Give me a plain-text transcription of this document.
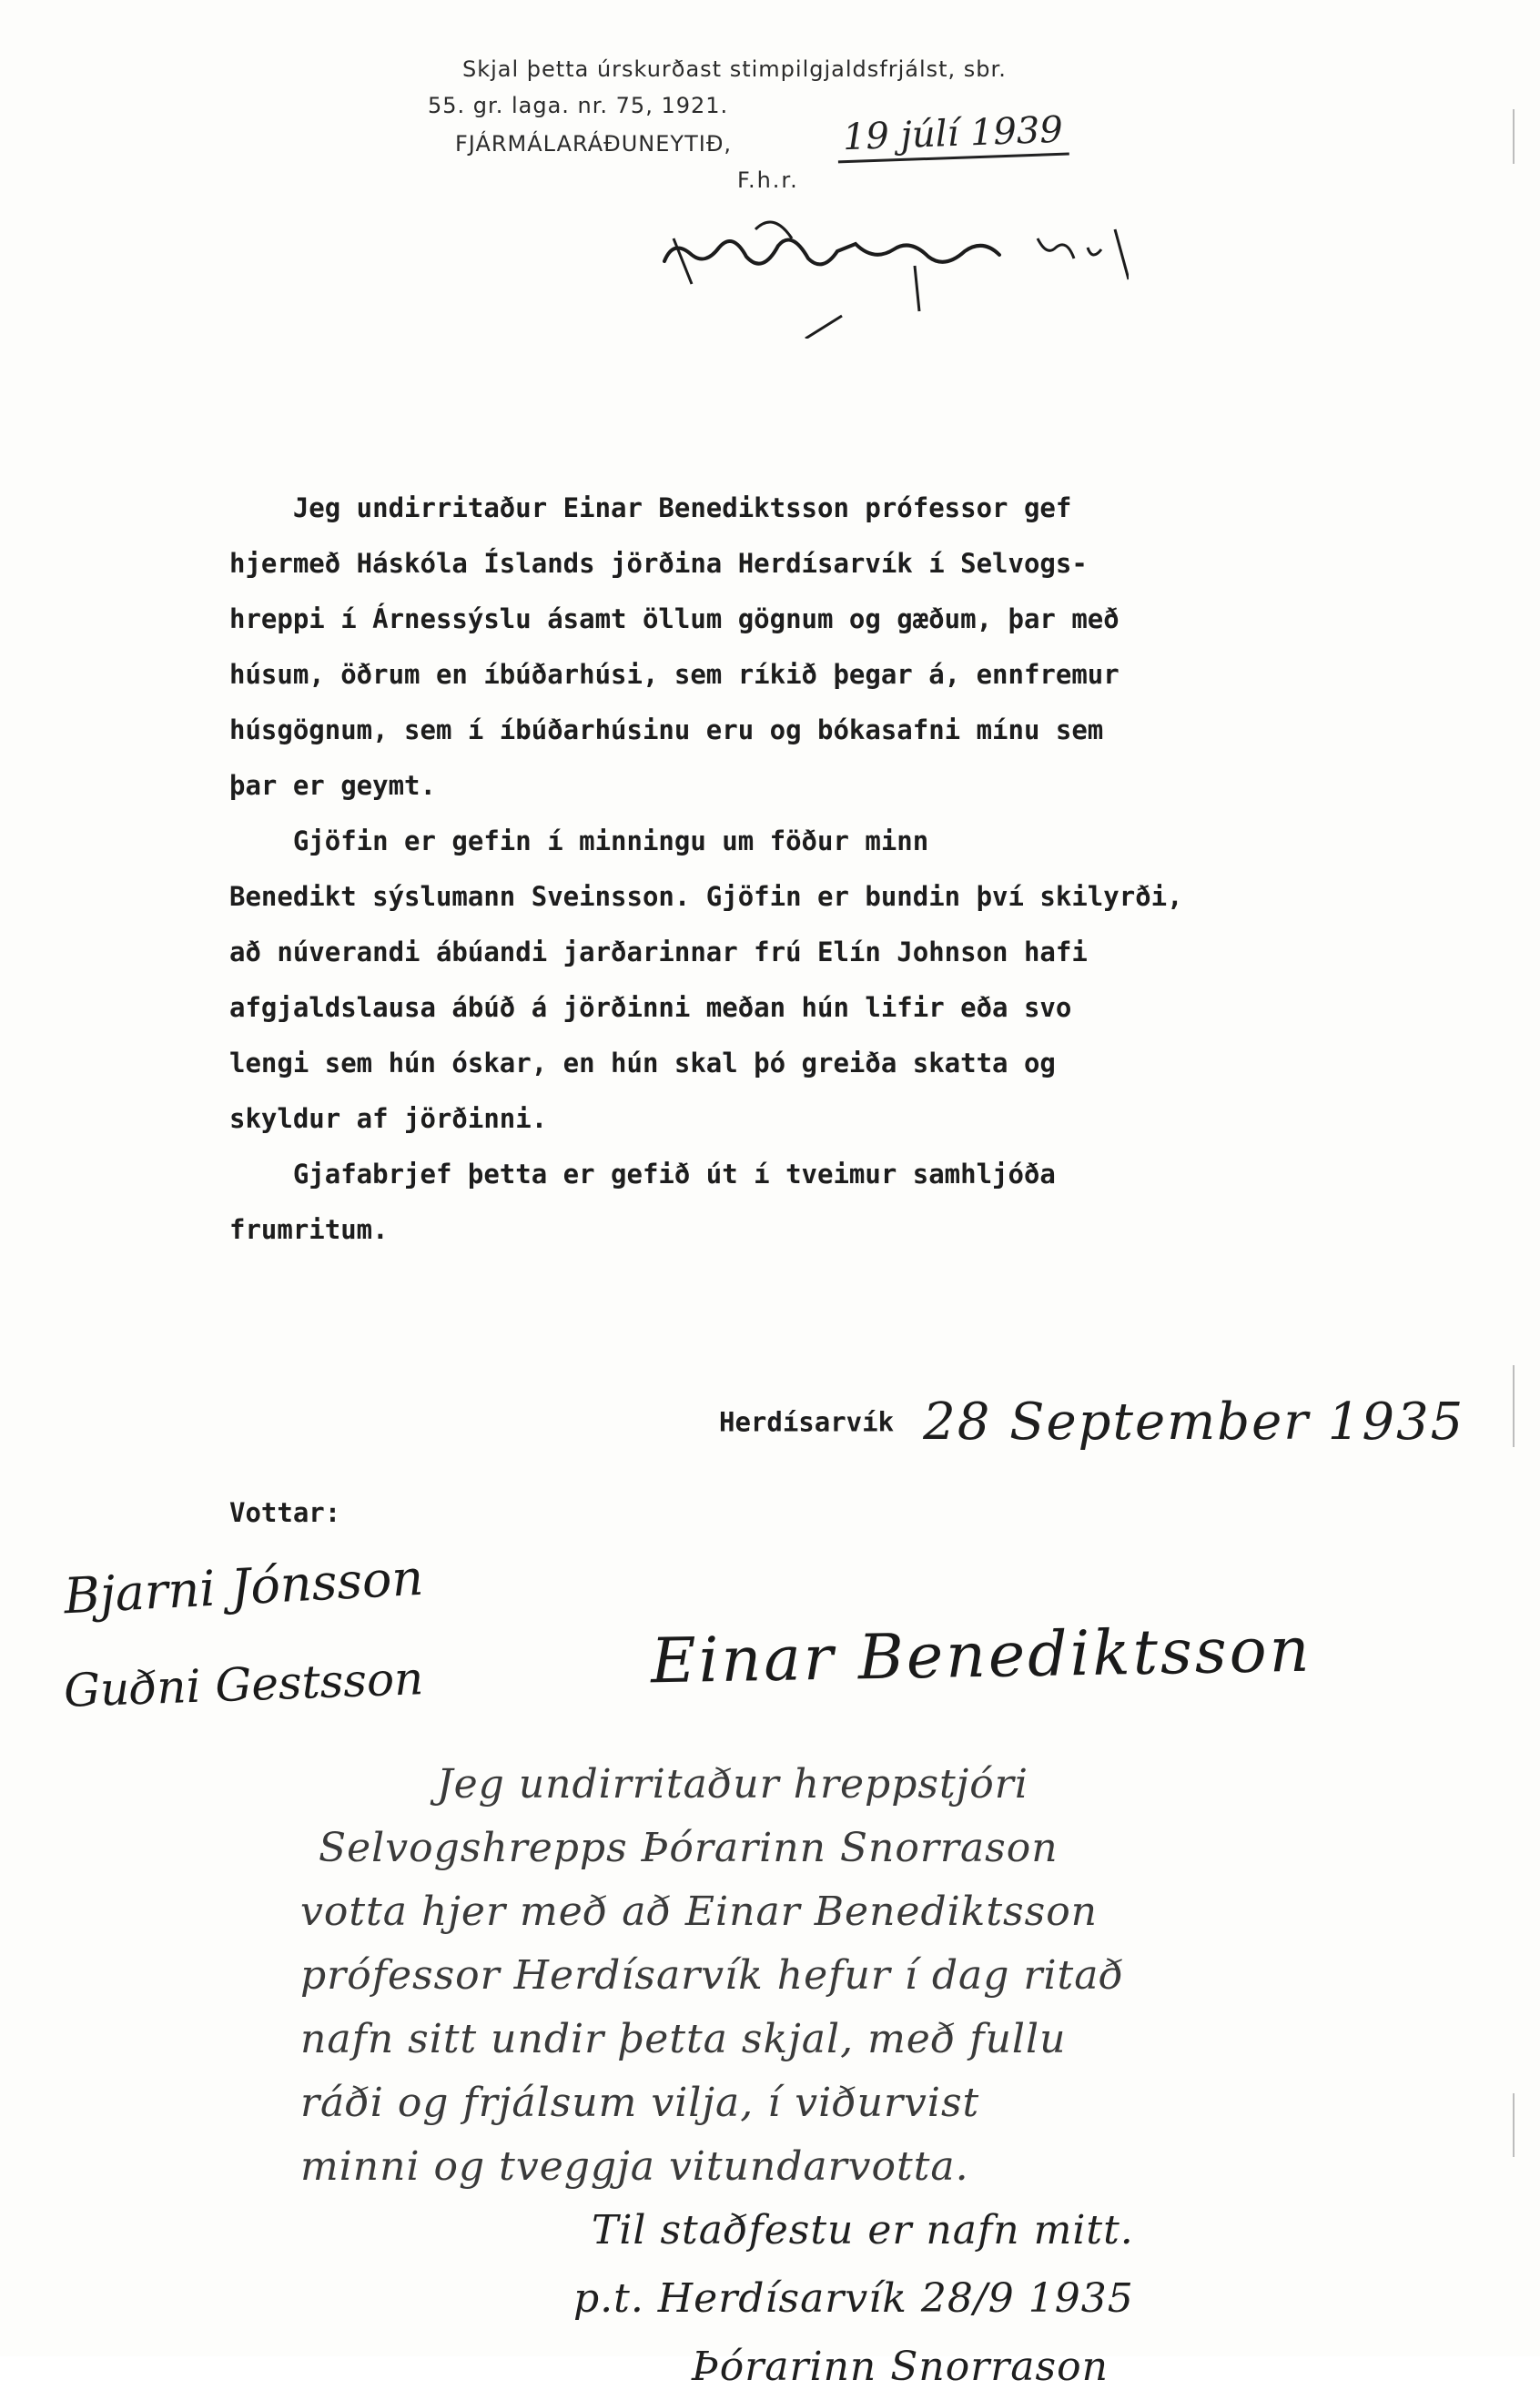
Skjal þetta úrskurðast stimpilgjaldsfrjálst, sbr.
55. gr. laga. nr. 75, 1921.
FJÁRMÁLARÁÐUNEYTIÐ,	19 júlí 1939
F.h.r.

Jeg undirritaður Einar Benediktsson prófessor gef

hjermeð Háskóla Íslands jörðina Herdísarvík í Selvogs-

hreppi í Árnessýslu ásamt öllum gögnum og gæðum, þar með

húsum, öðrum en íbúðarhúsi, sem ríkið þegar á, ennfremur

húsgögnum, sem í íbúðarhúsinu eru og bókasafni mínu sem

þar er geymt.

Gjöfin er gefin í minningu um föður minn

Benedikt sýslumann Sveinsson. Gjöfin er bundin því skilyrði,

að núverandi ábúandi jarðarinnar frú Elín Johnson hafi

afgjaldslausa ábúð á jörðinni meðan hún lifir eða svo

lengi sem hún óskar, en hún skal þó greiða skatta og

skyldur af jörðinni.

Gjafabrjef þetta er gefið út í tveimur samhljóða

frumritum.

Herdísarvík 28 September 1935
Vottar:
Bjarni Jónsson
Guðni Gestsson	Einar Benediktsson
Jeg undirritaður hreppstjóri
Selvogshrepps Þórarinn Snorrason
votta hjer með að Einar Benediktsson
prófessor Herdísarvík hefur í dag ritað
nafn sitt undir þetta skjal, með fullu
ráði og frjálsum vilja, í viðurvist
minni og tveggja vitundarvotta.
Til staðfestu er nafn mitt.
p.t. Herdísarvík 28/9 1935
Þórarinn Snorrason
